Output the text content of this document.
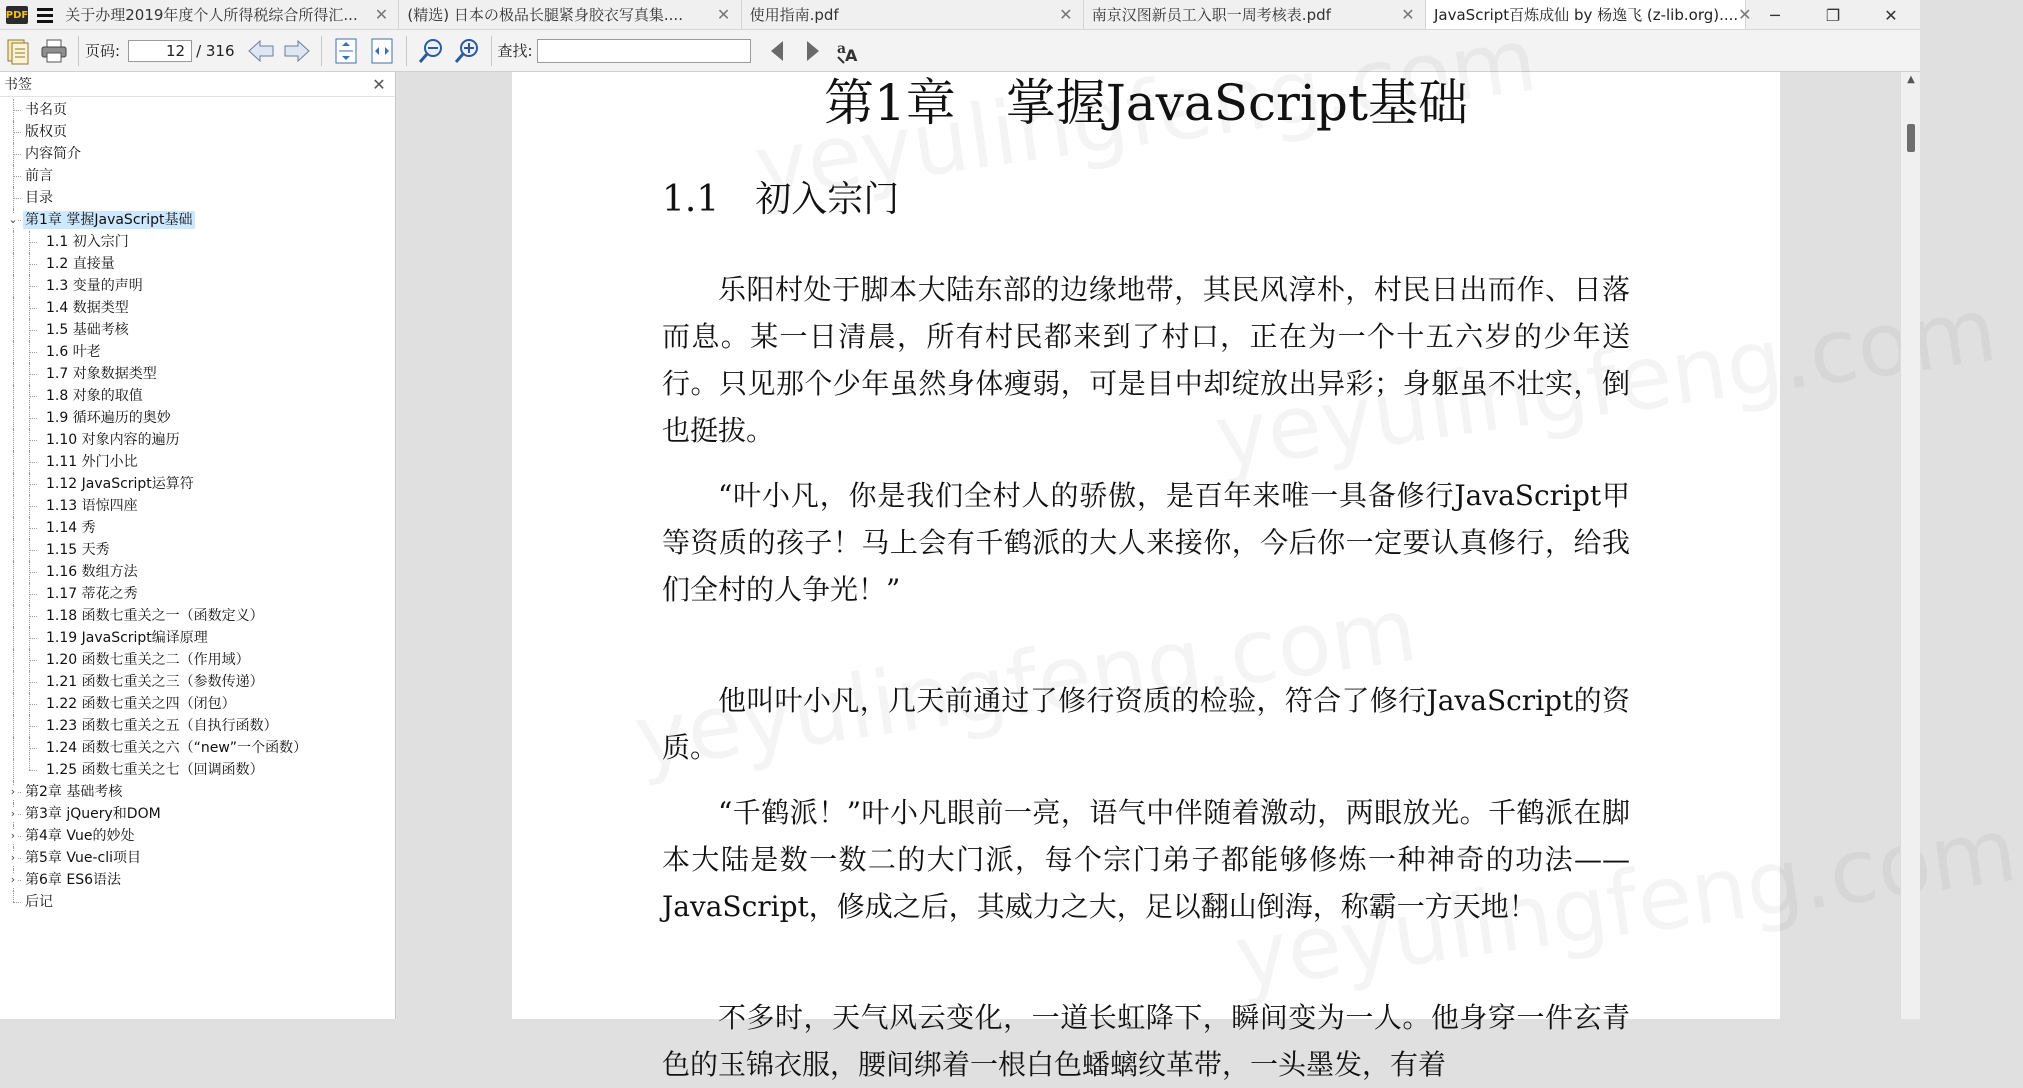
PDF 关于办理2019年度个人所得税综合所得汇...	✕ (精选) 日本の极品长腿紧身胶衣写真集....	✕ 使用指南.pdf	✕ 南京汉图新员工入职一周考核表.pdf	✕ JavaScript百炼成仙 by 杨逸飞 (z-lib.org).... ✕	─	❐	✕
页码:	12 / 316	查找:	a
A
书签	✕
书名页
版权页
内容简介
前言
目录
⌄ 第1章 掌握JavaScript基础
1.1 初入宗门
1.2 直接量
1.3 变量的声明
1.4 数据类型
1.5 基础考核
1.6 叶老
1.7 对象数据类型
1.8 对象的取值
1.9 循环遍历的奥妙
1.10 对象内容的遍历
1.11 外门小比
1.12 JavaScript运算符
1.13 语惊四座
1.14 秀
1.15 天秀
1.16 数组方法
1.17 蒂花之秀
1.18 函数七重关之一（函数定义）
1.19 JavaScript编译原理
1.20 函数七重关之二（作用域）
1.21 函数七重关之三（参数传递）
1.22 函数七重关之四（闭包）
1.23 函数七重关之五（自执行函数）
1.24 函数七重关之六（“new”一个函数）
1.25 函数七重关之七（回调函数）
› 第2章 基础考核
› 第3章 jQuery和DOM
› 第4章 Vue的妙处
› 第5章 Vue-cli项目
› 第6章 ES6语法
后记
第1章　掌握JavaScript基础
1.1　初入宗门

乐阳村处于脚本大陆东部的边缘地带，其民风淳朴，村民日出而作、日落而息。某一日清晨，所有村民都来到了村口，正在为一个十五六岁的少年送行。只见那个少年虽然身体瘦弱，可是目中却绽放出异彩；身躯虽不壮实，倒也挺拔。

“叶小凡，你是我们全村人的骄傲，是百年来唯一具备修行JavaScript甲等资质的孩子！马上会有千鹤派的大人来接你，今后你一定要认真修行，给我们全村的人争光！”

他叫叶小凡，几天前通过了修行资质的检验，符合了修行JavaScript的资质。

“千鹤派！”叶小凡眼前一亮，语气中伴随着激动，两眼放光。千鹤派在脚本大陆是数一数二的大门派，每个宗门弟子都能够修炼一种神奇的功法——JavaScript，修成之后，其威力之大，足以翻山倒海，称霸一方天地！

不多时，天气风云变化，一道长虹降下，瞬间变为一人。他身穿一件玄青色的玉锦衣服，腰间绑着一根白色蟠螭纹革带，一头墨发，有着

▲
